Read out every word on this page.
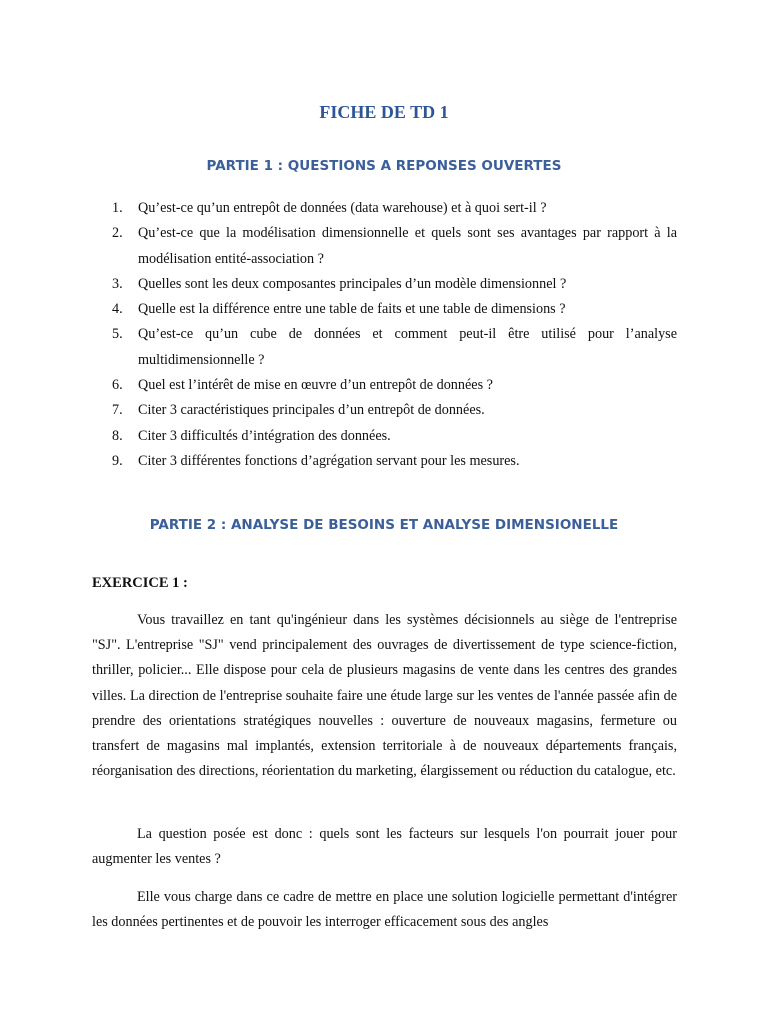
FICHE DE TD 1
PARTIE 1 : QUESTIONS A REPONSES OUVERTES
1.	Qu’est-ce qu’un entrepôt de données (data warehouse) et à quoi sert-il ?
2.	Qu’est-ce que la modélisation dimensionnelle et quels sont ses avantages par rapport à la modélisation entité-association ?
3.	Quelles sont les deux composantes principales d’un modèle dimensionnel ?
4.	Quelle est la différence entre une table de faits et une table de dimensions ?
5.	Qu’est-ce qu’un cube de données et comment peut-il être utilisé pour l’analyse multidimensionnelle ?
6.	Quel est l’intérêt de mise en œuvre d’un entrepôt de données ?
7.	Citer 3 caractéristiques principales d’un entrepôt de données.
8.	Citer 3 difficultés d’intégration des données.
9.	Citer 3 différentes fonctions d’agrégation servant pour les mesures.
PARTIE 2 : ANALYSE DE BESOINS ET ANALYSE DIMENSIONELLE
EXERCICE 1 :

Vous travaillez en tant qu'ingénieur dans les systèmes décisionnels au siège de l'entreprise "SJ". L'entreprise "SJ" vend principalement des ouvrages de divertissement de type science-fiction, thriller, policier... Elle dispose pour cela de plusieurs magasins de vente dans les centres des grandes villes. La direction de l'entreprise souhaite faire une étude large sur les ventes de l'année passée afin de prendre des orientations stratégiques nouvelles : ouverture de nouveaux magasins, fermeture ou transfert de magasins mal implantés, extension territoriale à de nouveaux départements français, réorganisation des directions, réorientation du marketing, élargissement ou réduction du catalogue, etc.

La question posée est donc : quels sont les facteurs sur lesquels l'on pourrait jouer pour augmenter les ventes ?

Elle vous charge dans ce cadre de mettre en place une solution logicielle permettant d'intégrer les données pertinentes et de pouvoir les interroger efficacement sous des angles
